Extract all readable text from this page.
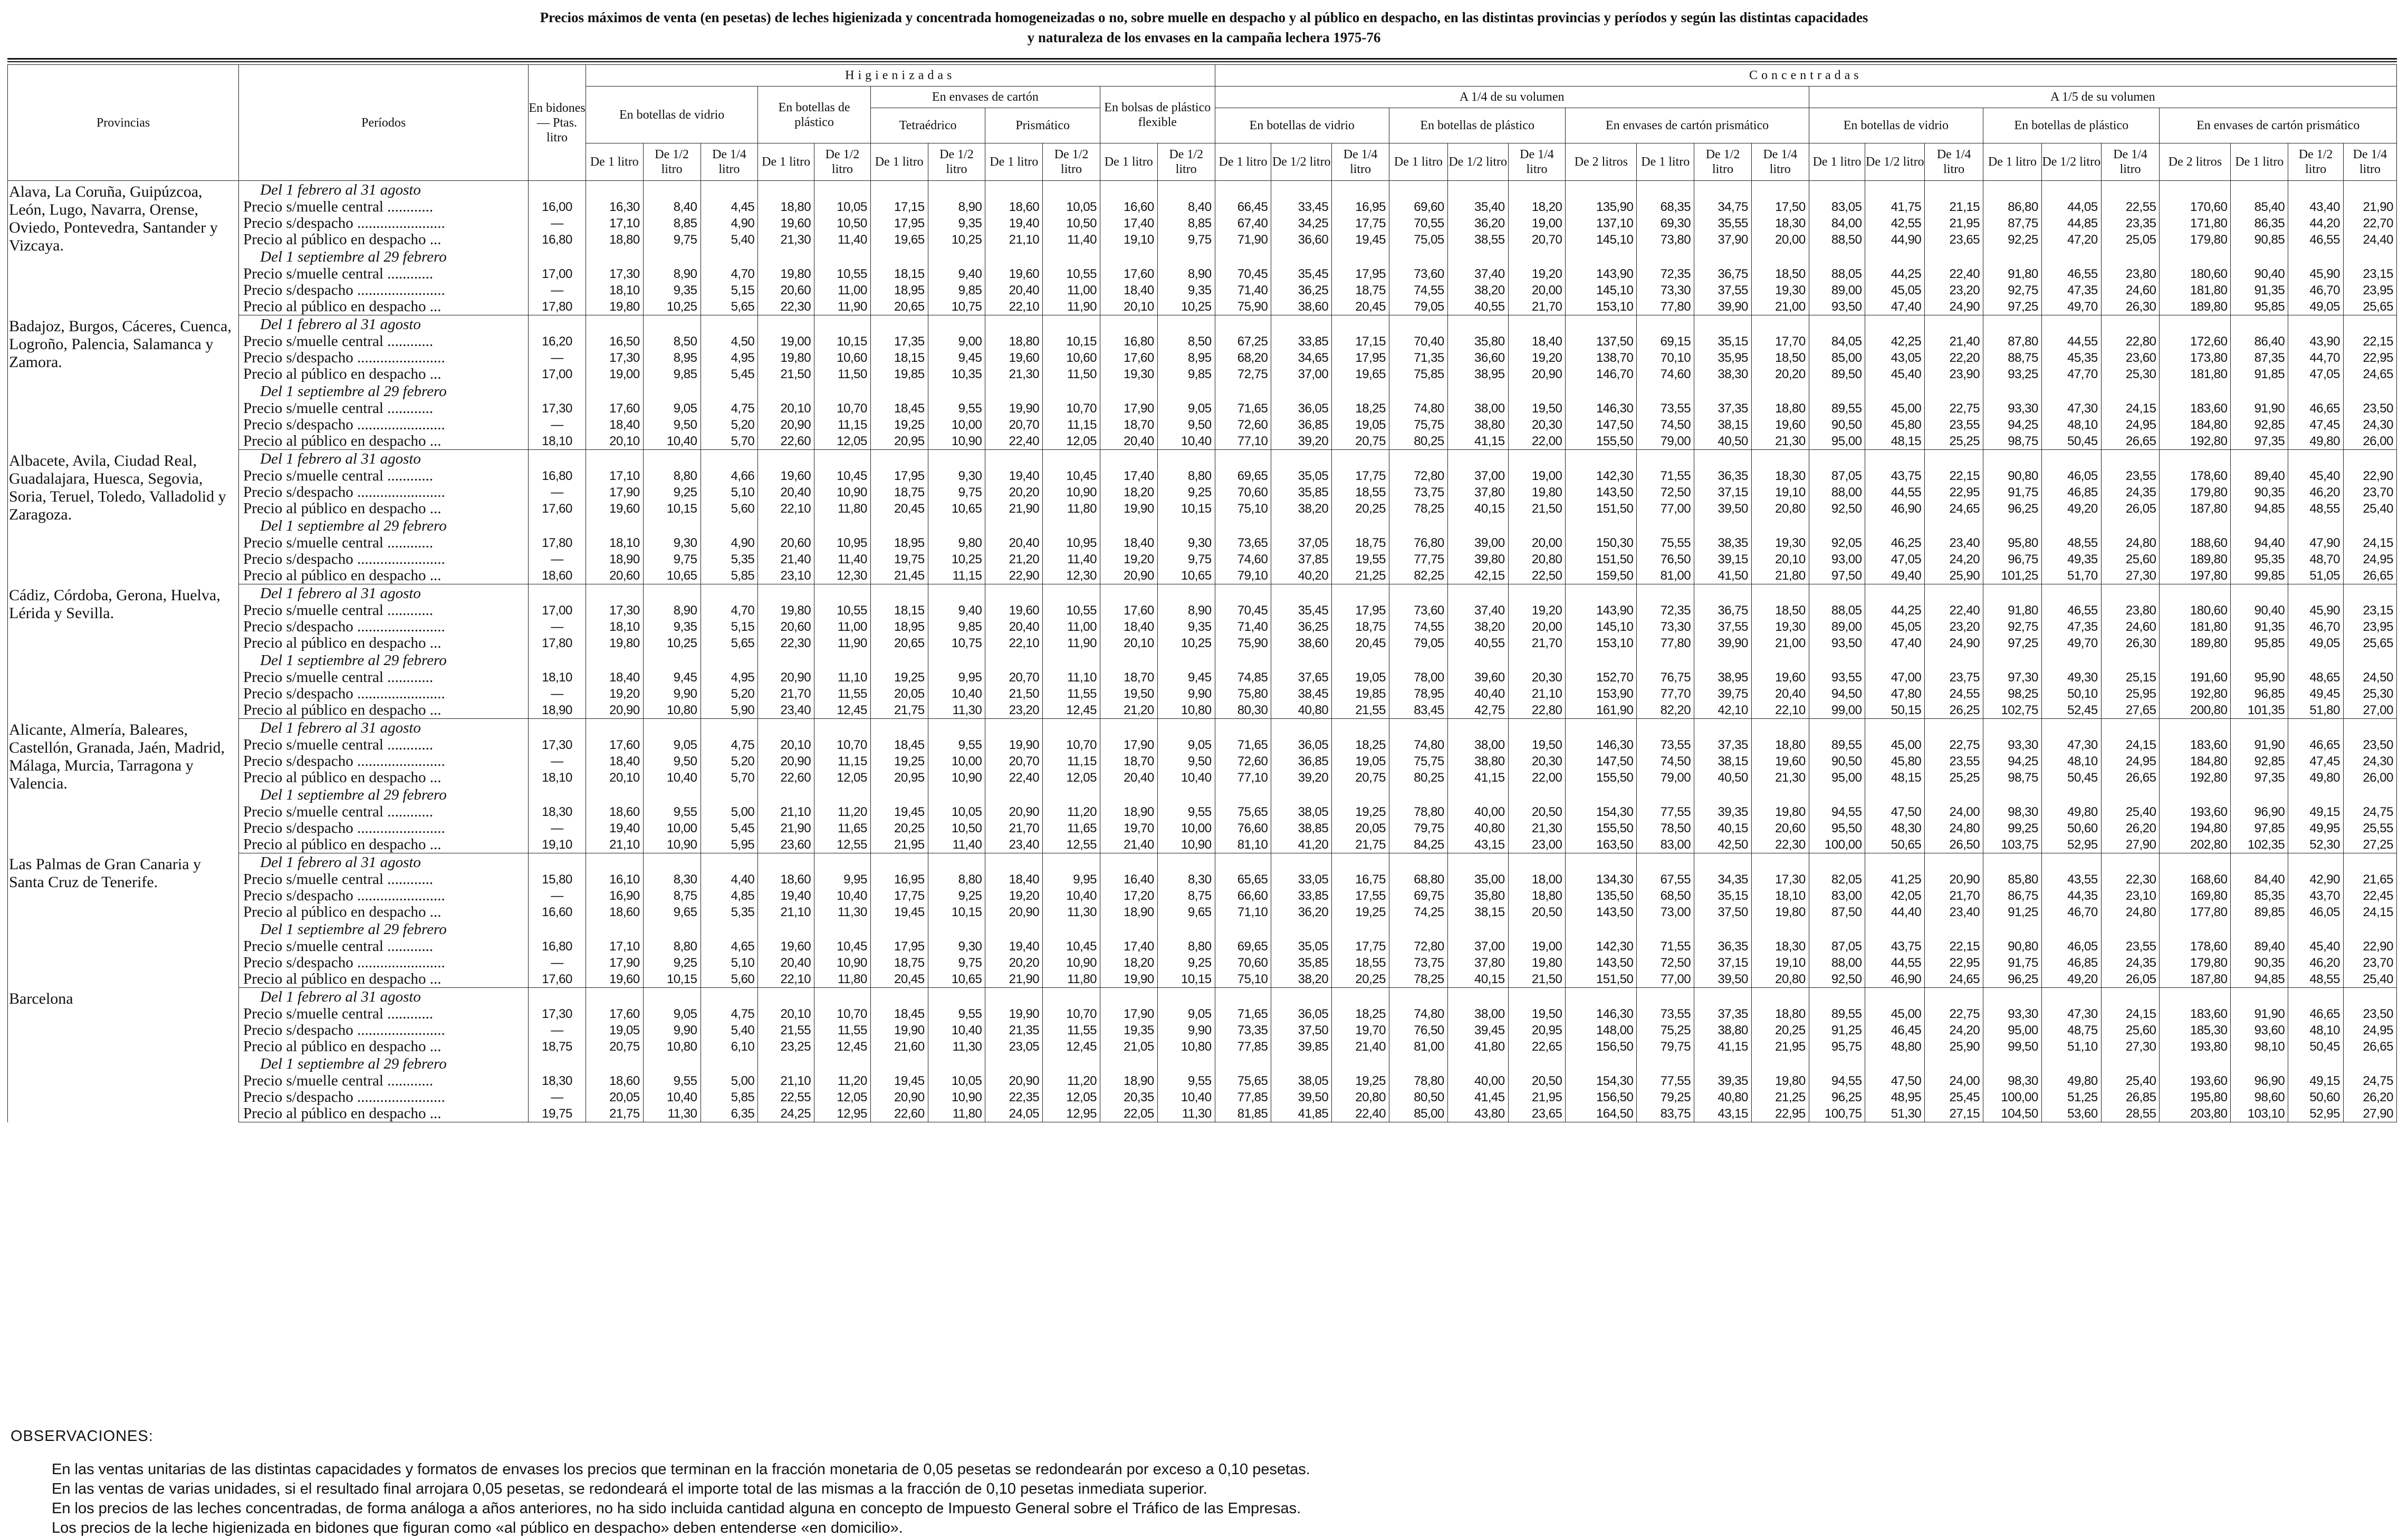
Precios máximos de venta (en pesetas) de leches higienizada y concentrada homogeneizadas o no, sobre muelle en despacho y al público en despacho, en las distintas provincias y períodos y según las distintas capacidades
y naturaleza de los envases en la campaña lechera 1975-76
Provincias	Períodos	En bidones — Ptas. litro	Higienizadas											Concentradas																			
			En botellas de vidrio			En botellas de plástico		En envases de cartón				En bolsas de plástico flexible		A 1/4 de su volumen										A 1/5 de su volumen									
								Tetraédrico		Prismático				En botellas de vidrio			En botellas de plástico			En envases de cartón prismático				En botellas de vidrio			En botellas de plástico			En envases de cartón prismático			
			De 1 litro	De 1/2 litro	De 1/4 litro	De 1 litro	De 1/2 litro	De 1 litro	De 1/2 litro	De 1 litro	De 1/2 litro	De 1 litro	De 1/2 litro	De 1 litro	De 1/2 litro	De 1/4 litro	De 1 litro	De 1/2 litro	De 1/4 litro	De 2 litros	De 1 litro	De 1/2 litro	De 1/4 litro	De 1 litro	De 1/2 litro	De 1/4 litro	De 1 litro	De 1/2 litro	De 1/4 litro	De 2 litros	De 1 litro	De 1/2 litro	De 1/4 litro
Alava, La Coruña, Guipúzcoa, León, Lugo, Navarra, Orense, Oviedo, Pontevedra, Santander y Vizcaya.	Del 1 febrero al 31 agosto																																
	Precio s/muelle central ............	16,00	16,30	8,40	4,45	18,80	10,05	17,15	8,90	18,60	10,05	16,60	8,40	66,45	33,45	16,95	69,60	35,40	18,20	135,90	68,35	34,75	17,50	83,05	41,75	21,15	86,80	44,05	22,55	170,60	85,40	43,40	21,90
	Precio s/despacho .......................	—	17,10	8,85	4,90	19,60	10,50	17,95	9,35	19,40	10,50	17,40	8,85	67,40	34,25	17,75	70,55	36,20	19,00	137,10	69,30	35,55	18,30	84,00	42,55	21,95	87,75	44,85	23,35	171,80	86,35	44,20	22,70
	Precio al público en despacho ...	16,80	18,80	9,75	5,40	21,30	11,40	19,65	10,25	21,10	11,40	19,10	9,75	71,90	36,60	19,45	75,05	38,55	20,70	145,10	73,80	37,90	20,00	88,50	44,90	23,65	92,25	47,20	25,05	179,80	90,85	46,55	24,40
	Del 1 septiembre al 29 febrero																																
	Precio s/muelle central ............	17,00	17,30	8,90	4,70	19,80	10,55	18,15	9,40	19,60	10,55	17,60	8,90	70,45	35,45	17,95	73,60	37,40	19,20	143,90	72,35	36,75	18,50	88,05	44,25	22,40	91,80	46,55	23,80	180,60	90,40	45,90	23,15
	Precio s/despacho .......................	—	18,10	9,35	5,15	20,60	11,00	18,95	9,85	20,40	11,00	18,40	9,35	71,40	36,25	18,75	74,55	38,20	20,00	145,10	73,30	37,55	19,30	89,00	45,05	23,20	92,75	47,35	24,60	181,80	91,35	46,70	23,95
	Precio al público en despacho ...	17,80	19,80	10,25	5,65	22,30	11,90	20,65	10,75	22,10	11,90	20,10	10,25	75,90	38,60	20,45	79,05	40,55	21,70	153,10	77,80	39,90	21,00	93,50	47,40	24,90	97,25	49,70	26,30	189,80	95,85	49,05	25,65
Badajoz, Burgos, Cáceres, Cuenca, Logroño, Palencia, Salamanca y Zamora.	Del 1 febrero al 31 agosto																																
	Precio s/muelle central ............	16,20	16,50	8,50	4,50	19,00	10,15	17,35	9,00	18,80	10,15	16,80	8,50	67,25	33,85	17,15	70,40	35,80	18,40	137,50	69,15	35,15	17,70	84,05	42,25	21,40	87,80	44,55	22,80	172,60	86,40	43,90	22,15
	Precio s/despacho .......................	—	17,30	8,95	4,95	19,80	10,60	18,15	9,45	19,60	10,60	17,60	8,95	68,20	34,65	17,95	71,35	36,60	19,20	138,70	70,10	35,95	18,50	85,00	43,05	22,20	88,75	45,35	23,60	173,80	87,35	44,70	22,95
	Precio al público en despacho ...	17,00	19,00	9,85	5,45	21,50	11,50	19,85	10,35	21,30	11,50	19,30	9,85	72,75	37,00	19,65	75,85	38,95	20,90	146,70	74,60	38,30	20,20	89,50	45,40	23,90	93,25	47,70	25,30	181,80	91,85	47,05	24,65
	Del 1 septiembre al 29 febrero																																
	Precio s/muelle central ............	17,30	17,60	9,05	4,75	20,10	10,70	18,45	9,55	19,90	10,70	17,90	9,05	71,65	36,05	18,25	74,80	38,00	19,50	146,30	73,55	37,35	18,80	89,55	45,00	22,75	93,30	47,30	24,15	183,60	91,90	46,65	23,50
	Precio s/despacho .......................	—	18,40	9,50	5,20	20,90	11,15	19,25	10,00	20,70	11,15	18,70	9,50	72,60	36,85	19,05	75,75	38,80	20,30	147,50	74,50	38,15	19,60	90,50	45,80	23,55	94,25	48,10	24,95	184,80	92,85	47,45	24,30
	Precio al público en despacho ...	18,10	20,10	10,40	5,70	22,60	12,05	20,95	10,90	22,40	12,05	20,40	10,40	77,10	39,20	20,75	80,25	41,15	22,00	155,50	79,00	40,50	21,30	95,00	48,15	25,25	98,75	50,45	26,65	192,80	97,35	49,80	26,00
Albacete, Avila, Ciudad Real, Guadalajara, Huesca, Segovia, Soria, Teruel, Toledo, Valladolid y Zaragoza.	Del 1 febrero al 31 agosto																																
	Precio s/muelle central ............	16,80	17,10	8,80	4,66	19,60	10,45	17,95	9,30	19,40	10,45	17,40	8,80	69,65	35,05	17,75	72,80	37,00	19,00	142,30	71,55	36,35	18,30	87,05	43,75	22,15	90,80	46,05	23,55	178,60	89,40	45,40	22,90
	Precio s/despacho .......................	—	17,90	9,25	5,10	20,40	10,90	18,75	9,75	20,20	10,90	18,20	9,25	70,60	35,85	18,55	73,75	37,80	19,80	143,50	72,50	37,15	19,10	88,00	44,55	22,95	91,75	46,85	24,35	179,80	90,35	46,20	23,70
	Precio al público en despacho ...	17,60	19,60	10,15	5,60	22,10	11,80	20,45	10,65	21,90	11,80	19,90	10,15	75,10	38,20	20,25	78,25	40,15	21,50	151,50	77,00	39,50	20,80	92,50	46,90	24,65	96,25	49,20	26,05	187,80	94,85	48,55	25,40
	Del 1 septiembre al 29 febrero																																
	Precio s/muelle central ............	17,80	18,10	9,30	4,90	20,60	10,95	18,95	9,80	20,40	10,95	18,40	9,30	73,65	37,05	18,75	76,80	39,00	20,00	150,30	75,55	38,35	19,30	92,05	46,25	23,40	95,80	48,55	24,80	188,60	94,40	47,90	24,15
	Precio s/despacho .......................	—	18,90	9,75	5,35	21,40	11,40	19,75	10,25	21,20	11,40	19,20	9,75	74,60	37,85	19,55	77,75	39,80	20,80	151,50	76,50	39,15	20,10	93,00	47,05	24,20	96,75	49,35	25,60	189,80	95,35	48,70	24,95
	Precio al público en despacho ...	18,60	20,60	10,65	5,85	23,10	12,30	21,45	11,15	22,90	12,30	20,90	10,65	79,10	40,20	21,25	82,25	42,15	22,50	159,50	81,00	41,50	21,80	97,50	49,40	25,90	101,25	51,70	27,30	197,80	99,85	51,05	26,65
Cádiz, Córdoba, Gerona, Huelva, Lérida y Sevilla.	Del 1 febrero al 31 agosto																																
	Precio s/muelle central ............	17,00	17,30	8,90	4,70	19,80	10,55	18,15	9,40	19,60	10,55	17,60	8,90	70,45	35,45	17,95	73,60	37,40	19,20	143,90	72,35	36,75	18,50	88,05	44,25	22,40	91,80	46,55	23,80	180,60	90,40	45,90	23,15
	Precio s/despacho .......................	—	18,10	9,35	5,15	20,60	11,00	18,95	9,85	20,40	11,00	18,40	9,35	71,40	36,25	18,75	74,55	38,20	20,00	145,10	73,30	37,55	19,30	89,00	45,05	23,20	92,75	47,35	24,60	181,80	91,35	46,70	23,95
	Precio al público en despacho ...	17,80	19,80	10,25	5,65	22,30	11,90	20,65	10,75	22,10	11,90	20,10	10,25	75,90	38,60	20,45	79,05	40,55	21,70	153,10	77,80	39,90	21,00	93,50	47,40	24,90	97,25	49,70	26,30	189,80	95,85	49,05	25,65
	Del 1 septiembre al 29 febrero																																
	Precio s/muelle central ............	18,10	18,40	9,45	4,95	20,90	11,10	19,25	9,95	20,70	11,10	18,70	9,45	74,85	37,65	19,05	78,00	39,60	20,30	152,70	76,75	38,95	19,60	93,55	47,00	23,75	97,30	49,30	25,15	191,60	95,90	48,65	24,50
	Precio s/despacho .......................	—	19,20	9,90	5,20	21,70	11,55	20,05	10,40	21,50	11,55	19,50	9,90	75,80	38,45	19,85	78,95	40,40	21,10	153,90	77,70	39,75	20,40	94,50	47,80	24,55	98,25	50,10	25,95	192,80	96,85	49,45	25,30
	Precio al público en despacho ...	18,90	20,90	10,80	5,90	23,40	12,45	21,75	11,30	23,20	12,45	21,20	10,80	80,30	40,80	21,55	83,45	42,75	22,80	161,90	82,20	42,10	22,10	99,00	50,15	26,25	102,75	52,45	27,65	200,80	101,35	51,80	27,00
Alicante, Almería, Baleares, Castellón, Granada, Jaén, Madrid, Málaga, Murcia, Tarragona y Valencia.	Del 1 febrero al 31 agosto																																
	Precio s/muelle central ............	17,30	17,60	9,05	4,75	20,10	10,70	18,45	9,55	19,90	10,70	17,90	9,05	71,65	36,05	18,25	74,80	38,00	19,50	146,30	73,55	37,35	18,80	89,55	45,00	22,75	93,30	47,30	24,15	183,60	91,90	46,65	23,50
	Precio s/despacho .......................	—	18,40	9,50	5,20	20,90	11,15	19,25	10,00	20,70	11,15	18,70	9,50	72,60	36,85	19,05	75,75	38,80	20,30	147,50	74,50	38,15	19,60	90,50	45,80	23,55	94,25	48,10	24,95	184,80	92,85	47,45	24,30
	Precio al público en despacho ...	18,10	20,10	10,40	5,70	22,60	12,05	20,95	10,90	22,40	12,05	20,40	10,40	77,10	39,20	20,75	80,25	41,15	22,00	155,50	79,00	40,50	21,30	95,00	48,15	25,25	98,75	50,45	26,65	192,80	97,35	49,80	26,00
	Del 1 septiembre al 29 febrero																																
	Precio s/muelle central ............	18,30	18,60	9,55	5,00	21,10	11,20	19,45	10,05	20,90	11,20	18,90	9,55	75,65	38,05	19,25	78,80	40,00	20,50	154,30	77,55	39,35	19,80	94,55	47,50	24,00	98,30	49,80	25,40	193,60	96,90	49,15	24,75
	Precio s/despacho .......................	—	19,40	10,00	5,45	21,90	11,65	20,25	10,50	21,70	11,65	19,70	10,00	76,60	38,85	20,05	79,75	40,80	21,30	155,50	78,50	40,15	20,60	95,50	48,30	24,80	99,25	50,60	26,20	194,80	97,85	49,95	25,55
	Precio al público en despacho ...	19,10	21,10	10,90	5,95	23,60	12,55	21,95	11,40	23,40	12,55	21,40	10,90	81,10	41,20	21,75	84,25	43,15	23,00	163,50	83,00	42,50	22,30	100,00	50,65	26,50	103,75	52,95	27,90	202,80	102,35	52,30	27,25
Las Palmas de Gran Canaria y Santa Cruz de Tenerife.	Del 1 febrero al 31 agosto																																
	Precio s/muelle central ............	15,80	16,10	8,30	4,40	18,60	9,95	16,95	8,80	18,40	9,95	16,40	8,30	65,65	33,05	16,75	68,80	35,00	18,00	134,30	67,55	34,35	17,30	82,05	41,25	20,90	85,80	43,55	22,30	168,60	84,40	42,90	21,65
	Precio s/despacho .......................	—	16,90	8,75	4,85	19,40	10,40	17,75	9,25	19,20	10,40	17,20	8,75	66,60	33,85	17,55	69,75	35,80	18,80	135,50	68,50	35,15	18,10	83,00	42,05	21,70	86,75	44,35	23,10	169,80	85,35	43,70	22,45
	Precio al público en despacho ...	16,60	18,60	9,65	5,35	21,10	11,30	19,45	10,15	20,90	11,30	18,90	9,65	71,10	36,20	19,25	74,25	38,15	20,50	143,50	73,00	37,50	19,80	87,50	44,40	23,40	91,25	46,70	24,80	177,80	89,85	46,05	24,15
	Del 1 septiembre al 29 febrero																																
	Precio s/muelle central ............	16,80	17,10	8,80	4,65	19,60	10,45	17,95	9,30	19,40	10,45	17,40	8,80	69,65	35,05	17,75	72,80	37,00	19,00	142,30	71,55	36,35	18,30	87,05	43,75	22,15	90,80	46,05	23,55	178,60	89,40	45,40	22,90
	Precio s/despacho .......................	—	17,90	9,25	5,10	20,40	10,90	18,75	9,75	20,20	10,90	18,20	9,25	70,60	35,85	18,55	73,75	37,80	19,80	143,50	72,50	37,15	19,10	88,00	44,55	22,95	91,75	46,85	24,35	179,80	90,35	46,20	23,70
	Precio al público en despacho ...	17,60	19,60	10,15	5,60	22,10	11,80	20,45	10,65	21,90	11,80	19,90	10,15	75,10	38,20	20,25	78,25	40,15	21,50	151,50	77,00	39,50	20,80	92,50	46,90	24,65	96,25	49,20	26,05	187,80	94,85	48,55	25,40
Barcelona	Del 1 febrero al 31 agosto																																
	Precio s/muelle central ............	17,30	17,60	9,05	4,75	20,10	10,70	18,45	9,55	19,90	10,70	17,90	9,05	71,65	36,05	18,25	74,80	38,00	19,50	146,30	73,55	37,35	18,80	89,55	45,00	22,75	93,30	47,30	24,15	183,60	91,90	46,65	23,50
	Precio s/despacho .......................	—	19,05	9,90	5,40	21,55	11,55	19,90	10,40	21,35	11,55	19,35	9,90	73,35	37,50	19,70	76,50	39,45	20,95	148,00	75,25	38,80	20,25	91,25	46,45	24,20	95,00	48,75	25,60	185,30	93,60	48,10	24,95
	Precio al público en despacho ...	18,75	20,75	10,80	6,10	23,25	12,45	21,60	11,30	23,05	12,45	21,05	10,80	77,85	39,85	21,40	81,00	41,80	22,65	156,50	79,75	41,15	21,95	95,75	48,80	25,90	99,50	51,10	27,30	193,80	98,10	50,45	26,65
	Del 1 septiembre al 29 febrero																																
	Precio s/muelle central ............	18,30	18,60	9,55	5,00	21,10	11,20	19,45	10,05	20,90	11,20	18,90	9,55	75,65	38,05	19,25	78,80	40,00	20,50	154,30	77,55	39,35	19,80	94,55	47,50	24,00	98,30	49,80	25,40	193,60	96,90	49,15	24,75
	Precio s/despacho .......................	—	20,05	10,40	5,85	22,55	12,05	20,90	10,90	22,35	12,05	20,35	10,40	77,85	39,50	20,80	80,50	41,45	21,95	156,50	79,25	40,80	21,25	96,25	48,95	25,45	100,00	51,25	26,85	195,80	98,60	50,60	26,20
	Precio al público en despacho ...	19,75	21,75	11,30	6,35	24,25	12,95	22,60	11,80	24,05	12,95	22,05	11,30	81,85	41,85	22,40	85,00	43,80	23,65	164,50	83,75	43,15	22,95	100,75	51,30	27,15	104,50	53,60	28,55	203,80	103,10	52,95	27,90
OBSERVACIONES:
En las ventas unitarias de las distintas capacidades y formatos de envases los precios que terminan en la fracción monetaria de 0,05 pesetas se redondearán por exceso a 0,10 pesetas.
En las ventas de varias unidades, si el resultado final arrojara 0,05 pesetas, se redondeará el importe total de las mismas a la fracción de 0,10 pesetas inmediata superior.
En los precios de las leches concentradas, de forma análoga a años anteriores, no ha sido incluida cantidad alguna en concepto de Impuesto General sobre el Tráfico de las Empresas.
Los precios de la leche higienizada en bidones que figuran como «al público en despacho» deben entenderse «en domicilio».
